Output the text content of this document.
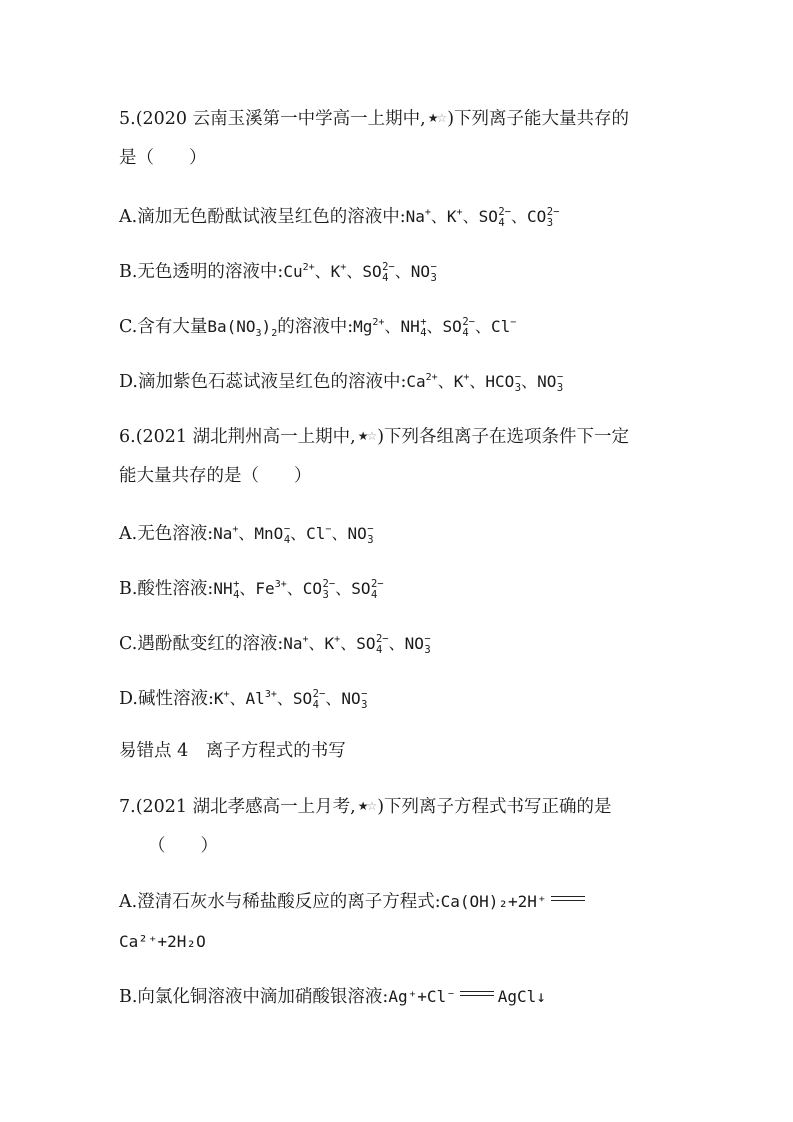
5.(2020 云南玉溪第一中学高一上期中, ★☆ )下列离子能大量共存的
是（　　）
A.滴加无色酚酞试液呈红色的溶液中:Na+、K+、SO 2−
4 、CO 2−
3
B.无色透明的溶液中$:Cu^{2+}$、K+、SO 2−
4 、NO −
3
C.含有大量$Ba(NO_3)_2$的溶液中$:Mg^{2+}$、NH +
4 、SO 2−
4 、Cl−
D.滴加紫色石蕊试液呈红色的溶液中$:Ca^{2+}$、K+、HCO −
3 、NO −
3
6.(2021 湖北荆州高一上期中, ★☆ )下列各组离子在选项条件下一定
能大量共存的是（　　）
A.无色溶液:Na+、MnO −
4 、Cl−、NO −
3
B.酸性溶液:NH +
4 、$Fe^{3+}$、CO 2−
3 、SO 2−
4
C.遇酚酞变红的溶液:Na+、K+、SO 2−
4 、NO −
3
D.碱性溶液:K+、$Al^{3+}$、SO 2−
4 、NO −
3
易错点 4　离子方程式的书写
7.(2021 湖北孝感高一上月考, ★☆ )下列离子方程式书写正确的是
（　　）
A.澄清石灰水与稀盐酸反应的离子方程式:Ca(OH)₂+2H⁺
Ca²⁺+2H₂O
B.向氯化铜溶液中滴加硝酸银溶液:Ag⁺+Cl⁻	AgCl↓
